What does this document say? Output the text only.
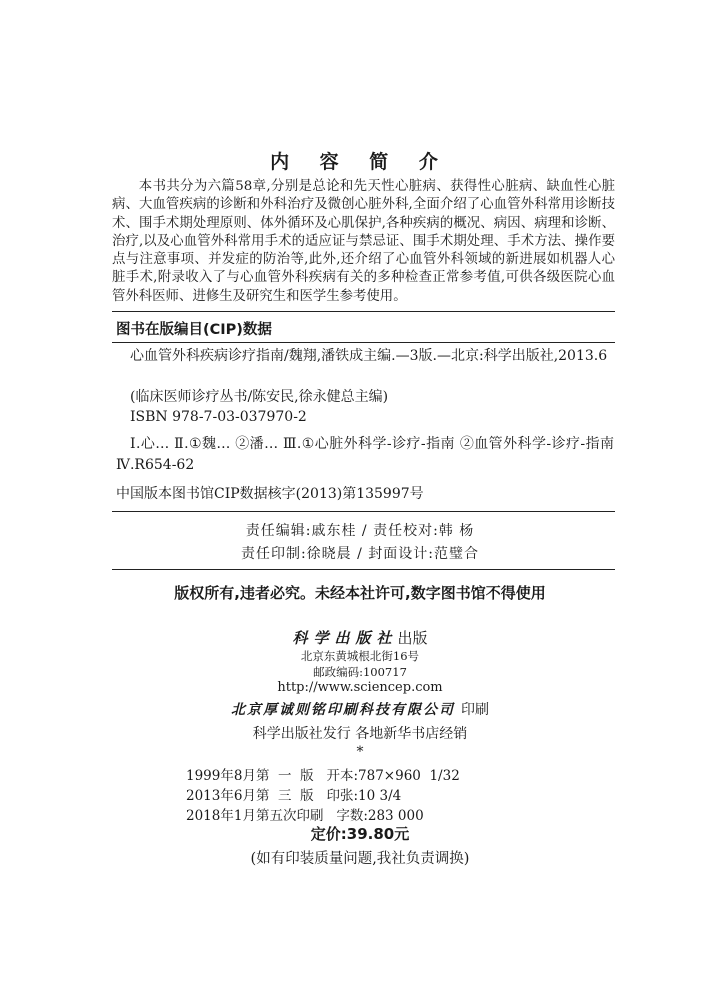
内 容 简 介

本书共分为六篇58章,分别是总论和先天性心脏病、获得性心脏病、缺血性心脏病、大血管疾病的诊断和外科治疗及微创心脏外科,全面介绍了心血管外科常用诊断技术、围手术期处理原则、体外循环及心肌保护,各种疾病的概况、病因、病理和诊断、治疗,以及心血管外科常用手术的适应证与禁忌证、围手术期处理、手术方法、操作要点与注意事项、并发症的防治等,此外,还介绍了心血管外科领域的新进展如机器人心脏手术,附录收入了与心血管外科疾病有关的多种检查正常参考值,可供各级医院心血管外科医师、进修生及研究生和医学生参考使用。

图书在版编目(CIP)数据

心血管外科疾病诊疗指南/魏翔,潘铁成主编.—3版.—北京:科学出版社,2013.6

(临床医师诊疗丛书/陈安民,徐永健总主编)

ISBN 978-7-03-037970-2

Ⅰ.心… Ⅱ.①魏… ②潘… Ⅲ.①心脏外科学-诊疗-指南 ②血管外科学-诊疗-指南 Ⅳ.R654-62

中国版本图书馆CIP数据核字(2013)第135997号

责任编辑:戚东桂 / 责任校对:韩 杨
责任印制:徐晓晨 / 封面设计:范璧合
版权所有,违者必究。未经本社许可,数字图书馆不得使用
科学出版社出版
北京东黄城根北街16号
邮政编码:100717
http://www.sciencep.com
北京厚诚则铭印刷科技有限公司 印刷
科学出版社发行 各地新华书店经销
*
1999年8月第  一  版   开本:787×960  1/32
2013年6月第  三  版   印张:10 3/4
2018年1月第五次印刷   字数:283 000
定价:39.80元
(如有印装质量问题,我社负责调换)
